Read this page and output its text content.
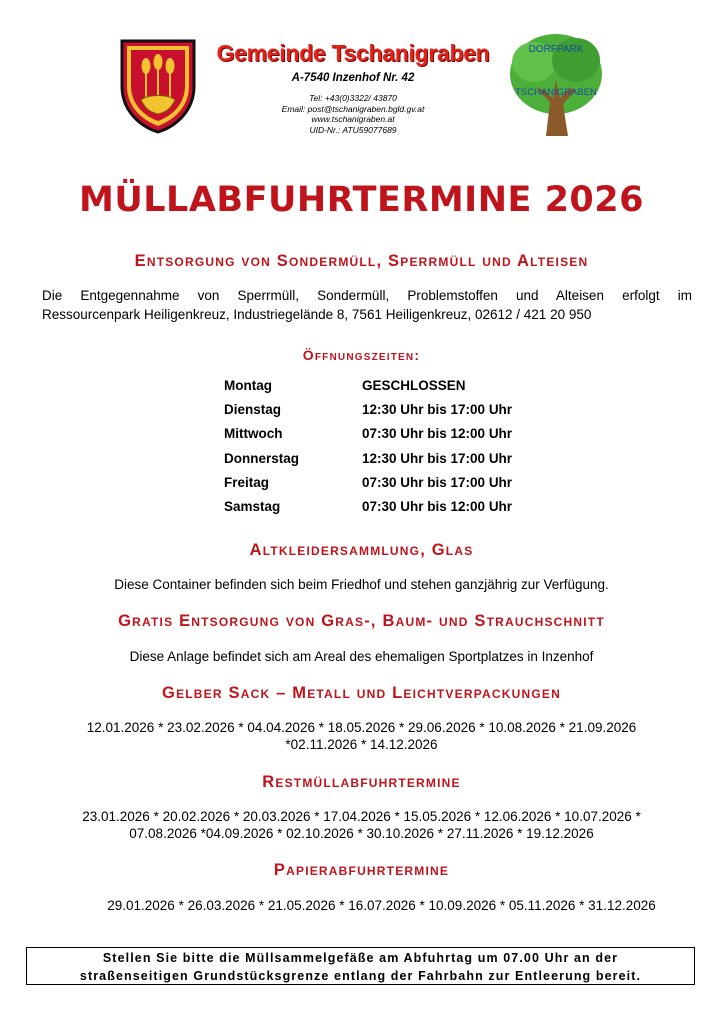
Gemeinde Tschanigraben
A-7540 Inzenhof Nr. 42
Tel: +43(0)3322/ 43870
Email: post@tschanigraben.bgld.gv.at
www.tschanigraben.at
UID-Nr.: ATU59077689
DORFPARK
TSCHANIGRABEN
MÜLLABFUHRTERMINE 2026
Entsorgung von Sondermüll, Sperrmüll und Alteisen
Die Entgegennahme von Sperrmüll, Sondermüll, Problemstoffen und Alteisen erfolgt im
Ressourcenpark Heiligenkreuz, Industriegelände 8, 7561 Heiligenkreuz, 02612 / 421 20 950
Öffnungszeiten:
Montag	GESCHLOSSEN
Dienstag	12:30 Uhr bis 17:00 Uhr
Mittwoch	07:30 Uhr bis 12:00 Uhr
Donnerstag	12:30 Uhr bis 17:00 Uhr
Freitag	07:30 Uhr bis 17:00 Uhr
Samstag	07:30 Uhr bis 12:00 Uhr
Altkleidersammlung, Glas
Diese Container befinden sich beim Friedhof und stehen ganzjährig zur Verfügung.
Gratis Entsorgung von Gras-, Baum- und Strauchschnitt
Diese Anlage befindet sich am Areal des ehemaligen Sportplatzes in Inzenhof
Gelber Sack – Metall und Leichtverpackungen
12.01.2026 * 23.02.2026 * 04.04.2026 * 18.05.2026 * 29.06.2026 * 10.08.2026 * 21.09.2026
*02.11.2026 * 14.12.2026
Restmüllabfuhrtermine
23.01.2026 * 20.02.2026 * 20.03.2026 * 17.04.2026 * 15.05.2026 * 12.06.2026 * 10.07.2026 *
07.08.2026 *04.09.2026 * 02.10.2026 * 30.10.2026 * 27.11.2026 * 19.12.2026
Papierabfuhrtermine
29.01.2026 * 26.03.2026 * 21.05.2026 * 16.07.2026 * 10.09.2026 * 05.11.2026 * 31.12.2026
Stellen Sie bitte die Müllsammelgefäße am Abfuhrtag um 07.00 Uhr an der
straßenseitigen Grundstücksgrenze entlang der Fahrbahn zur Entleerung bereit.
